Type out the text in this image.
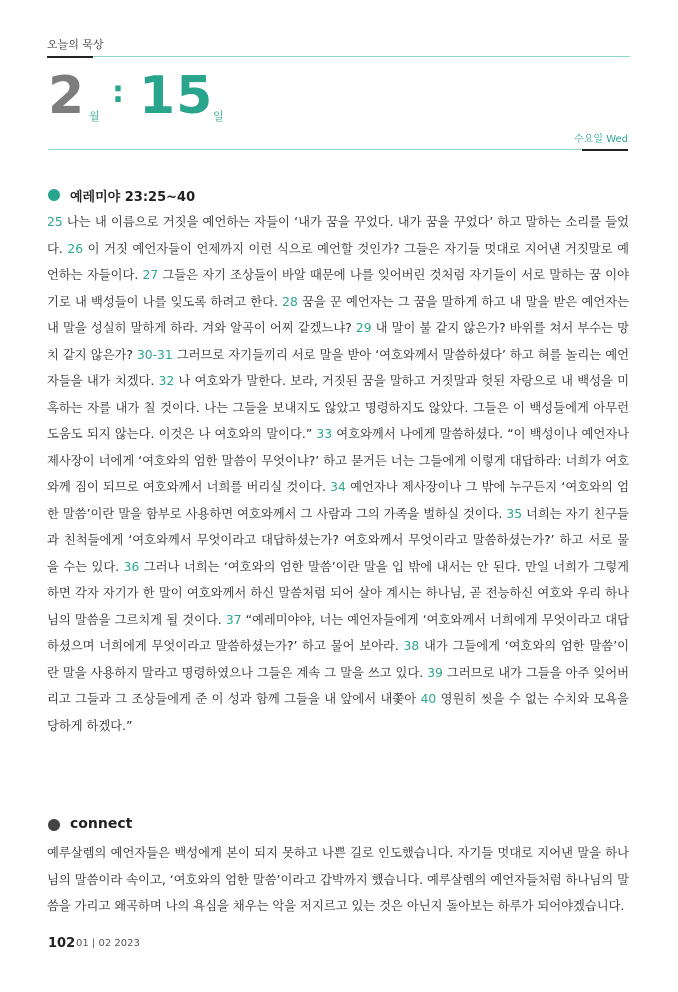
오늘의 묵상
2 월
: 15 일
수요일 Wed
예레미야 23:25~40

25 나는 내 이름으로 거짓을 예언하는 자들이 ‘내가 꿈을 꾸었다. 내가 꿈을 꾸었다’ 하고 말하는 소리를 들었다. 26 이 거짓 예언자들이 언제까지 이런 식으로 예언할 것인가? 그들은 자기들 멋대로 지어낸 거짓말로 예언하는 자들이다. 27 그들은 자기 조상들이 바알 때문에 나를 잊어버린 것처럼 자기들이 서로 말하는 꿈 이야기로 내 백성들이 나를 잊도록 하려고 한다. 28 꿈을 꾼 예언자는 그 꿈을 말하게 하고 내 말을 받은 예언자는 내 말을 성실히 말하게 하라. 겨와 알곡이 어찌 같겠느냐? 29 내 말이 불 같지 않은가? 바위를 쳐서 부수는 망치 같지 않은가? 30-31 그러므로 자기들끼리 서로 말을 받아 ‘여호와께서 말씀하셨다’ 하고 혀를 놀리는 예언자들을 내가 치겠다. 32 나 여호와가 말한다. 보라, 거짓된 꿈을 말하고 거짓말과 헛된 자랑으로 내 백성을 미혹하는 자를 내가 칠 것이다. 나는 그들을 보내지도 않았고 명령하지도 않았다. 그들은 이 백성들에게 아무런 도움도 되지 않는다. 이것은 나 여호와의 말이다.” 33 여호와께서 나에게 말씀하셨다. “이 백성이나 예언자나 제사장이 너에게 ‘여호와의 엄한 말씀이 무엇이냐?’ 하고 묻거든 너는 그들에게 이렇게 대답하라: 너희가 여호와께 짐이 되므로 여호와께서 너희를 버리실 것이다. 34 예언자나 제사장이나 그 밖에 누구든지 ‘여호와의 엄한 말씀’이란 말을 함부로 사용하면 여호와께서 그 사람과 그의 가족을 벌하실 것이다. 35 너희는 자기 친구들과 친척들에게 ‘여호와께서 무엇이라고 대답하셨는가? 여호와께서 무엇이라고 말씀하셨는가?’ 하고 서로 물을 수는 있다. 36 그러나 너희는 ‘여호와의 엄한 말씀’이란 말을 입 밖에 내서는 안 된다. 만일 너희가 그렇게 하면 각자 자기가 한 말이 여호와께서 하신 말씀처럼 되어 살아 계시는 하나님, 곧 전능하신 여호와 우리 하나님의 말씀을 그르치게 될 것이다. 37 “예레미야야, 너는 예언자들에게 ‘여호와께서 너희에게 무엇이라고 대답하셨으며 너희에게 무엇이라고 말씀하셨는가?’ 하고 물어 보아라. 38 내가 그들에게 ‘여호와의 엄한 말씀’이란 말을 사용하지 말라고 명령하였으나 그들은 계속 그 말을 쓰고 있다. 39 그러므로 내가 그들을 아주 잊어버리고 그들과 그 조상들에게 준 이 성과 함께 그들을 내 앞에서 내쫓아 40 영원히 씻을 수 없는 수치와 모욕을 당하게 하겠다.”

connect

예루살렘의 예언자들은 백성에게 본이 되지 못하고 나쁜 길로 인도했습니다. 자기들 멋대로 지어낸 말을 하나님의 말씀이라 속이고, ‘여호와의 엄한 말씀’이라고 갑박까지 했습니다. 예루살렘의 예언자들처럼 하나님의 말씀을 가리고 왜곡하며 나의 욕심을 채우는 악을 저지르고 있는 것은 아닌지 돌아보는 하루가 되어야겠습니다.

102 01 | 02 2023
